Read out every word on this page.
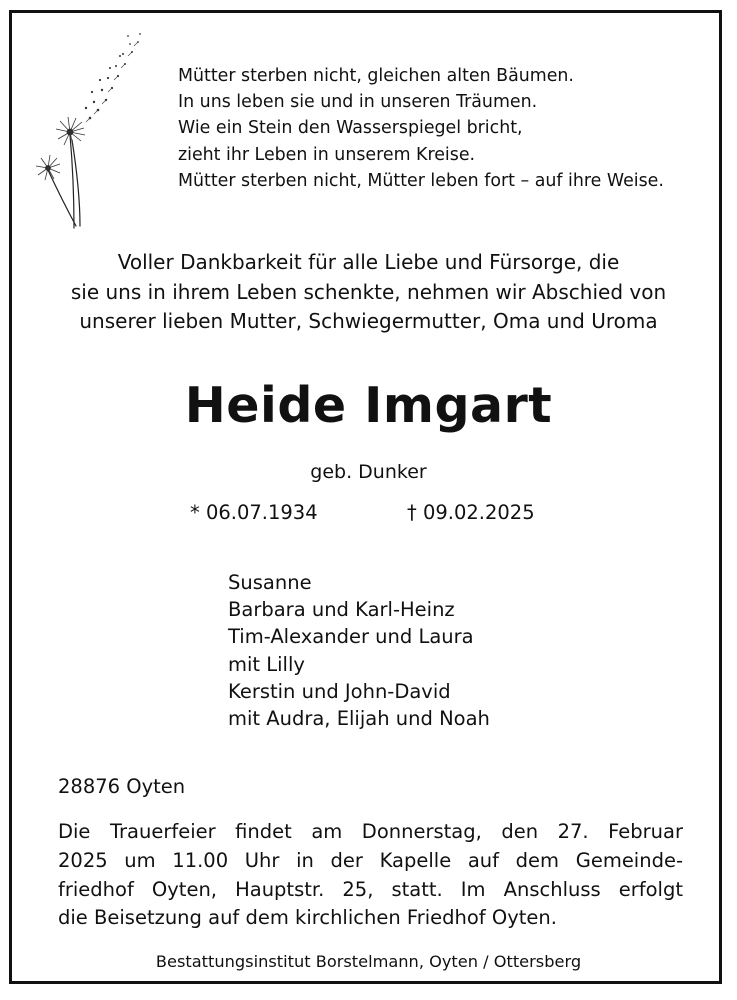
Mütter sterben nicht, gleichen alten Bäumen.
In uns leben sie und in unseren Träumen.
Wie ein Stein den Wasserspiegel bricht,
zieht ihr Leben in unserem Kreise.
Mütter sterben nicht, Mütter leben fort – auf ihre Weise.
Voller Dankbarkeit für alle Liebe und Fürsorge, die
sie uns in ihrem Leben schenkte, nehmen wir Abschied von
unserer lieben Mutter, Schwiegermutter, Oma und Uroma
Heide Imgart
geb. Dunker
* 06.07.1934	† 09.02.2025
Susanne
Barbara und Karl-Heinz
Tim-Alexander und Laura
mit Lilly
Kerstin und John-David
mit Audra, Elijah und Noah
28876 Oyten
Die Trauerfeier findet am Donnerstag, den 27. Februar
2025 um 11.00 Uhr in der Kapelle auf dem Gemeinde-
friedhof Oyten, Hauptstr. 25, statt. Im Anschluss erfolgt
die Beisetzung auf dem kirchlichen Friedhof Oyten.
Bestattungsinstitut Borstelmann, Oyten / Ottersberg
